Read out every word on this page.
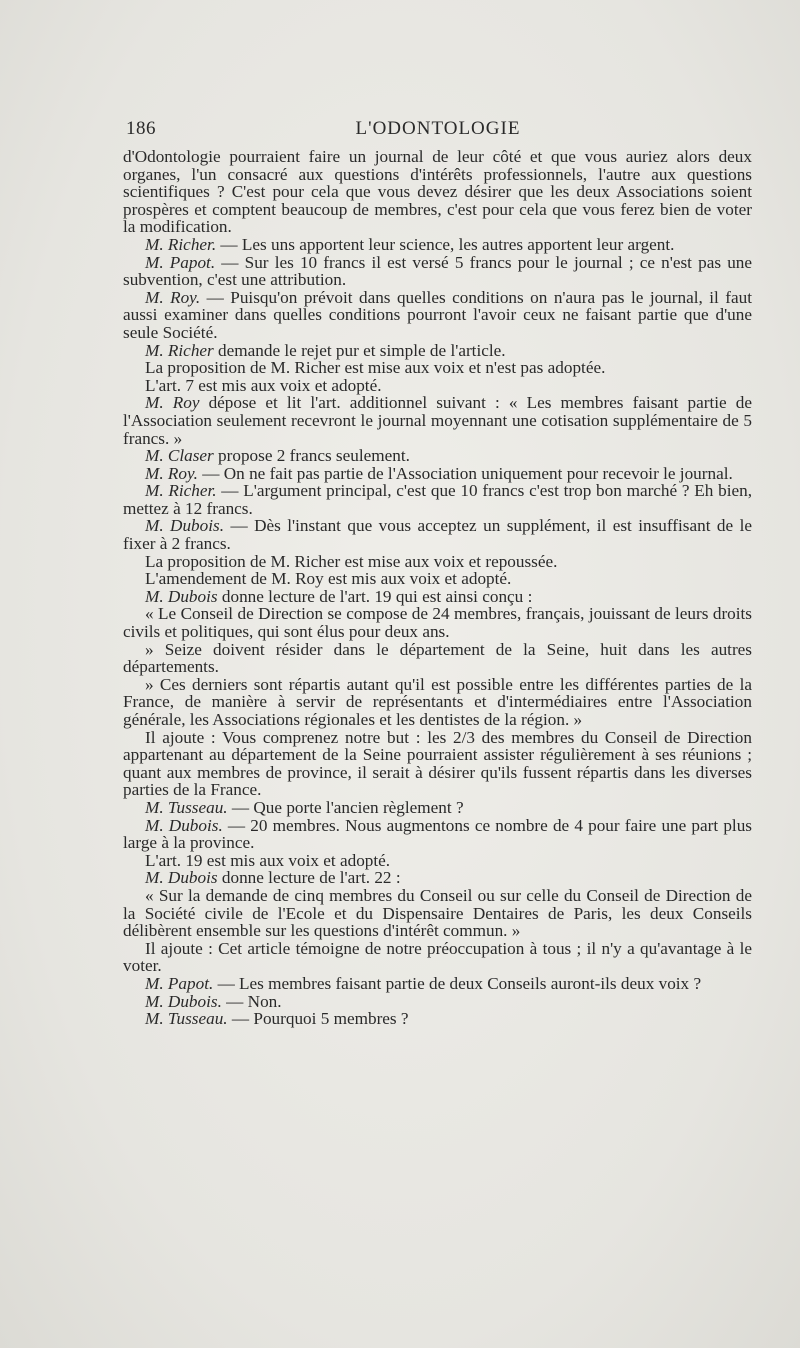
186	L'ODONTOLOGIE

d'Odontologie pourraient faire un journal de leur côté et que vous auriez alors deux organes, l'un consacré aux questions d'intérêts professionnels, l'autre aux questions scientifiques ? C'est pour cela que vous devez désirer que les deux Associations soient prospères et comptent beaucoup de membres, c'est pour cela que vous ferez bien de voter la modification.

M. Richer. — Les uns apportent leur science, les autres apportent leur argent.

M. Papot. — Sur les 10 francs il est versé 5 francs pour le journal ; ce n'est pas une subvention, c'est une attribution.

M. Roy. — Puisqu'on prévoit dans quelles conditions on n'aura pas le journal, il faut aussi examiner dans quelles conditions pourront l'avoir ceux ne faisant partie que d'une seule Société.

M. Richer demande le rejet pur et simple de l'article.

La proposition de M. Richer est mise aux voix et n'est pas adoptée.

L'art. 7 est mis aux voix et adopté.

M. Roy dépose et lit l'art. additionnel suivant : « Les membres faisant partie de l'Association seulement recevront le journal moyennant une cotisation supplémentaire de 5 francs. »

M. Claser propose 2 francs seulement.

M. Roy. — On ne fait pas partie de l'Association uniquement pour recevoir le journal.

M. Richer. — L'argument principal, c'est que 10 francs c'est trop bon marché ? Eh bien, mettez à 12 francs.

M. Dubois. — Dès l'instant que vous acceptez un supplément, il est insuffisant de le fixer à 2 francs.

La proposition de M. Richer est mise aux voix et repoussée.

L'amendement de M. Roy est mis aux voix et adopté.

M. Dubois donne lecture de l'art. 19 qui est ainsi conçu :

« Le Conseil de Direction se compose de 24 membres, français, jouissant de leurs droits civils et politiques, qui sont élus pour deux ans.

» Seize doivent résider dans le département de la Seine, huit dans les autres départements.

» Ces derniers sont répartis autant qu'il est possible entre les différentes parties de la France, de manière à servir de représentants et d'intermédiaires entre l'Association générale, les Associations régionales et les dentistes de la région. »

Il ajoute : Vous comprenez notre but : les 2/3 des membres du Conseil de Direction appartenant au département de la Seine pourraient assister régulièrement à ses réunions ; quant aux membres de province, il serait à désirer qu'ils fussent répartis dans les diverses parties de la France.

M. Tusseau. — Que porte l'ancien règlement ?

M. Dubois. — 20 membres. Nous augmentons ce nombre de 4 pour faire une part plus large à la province.

L'art. 19 est mis aux voix et adopté.

M. Dubois donne lecture de l'art. 22 :

« Sur la demande de cinq membres du Conseil ou sur celle du Conseil de Direction de la Société civile de l'Ecole et du Dispensaire Dentaires de Paris, les deux Conseils délibèrent ensemble sur les questions d'intérêt commun. »

Il ajoute : Cet article témoigne de notre préoccupation à tous ; il n'y a qu'avantage à le voter.

M. Papot. — Les membres faisant partie de deux Conseils auront-ils deux voix ?

M. Dubois. — Non.

M. Tusseau. — Pourquoi 5 membres ?
